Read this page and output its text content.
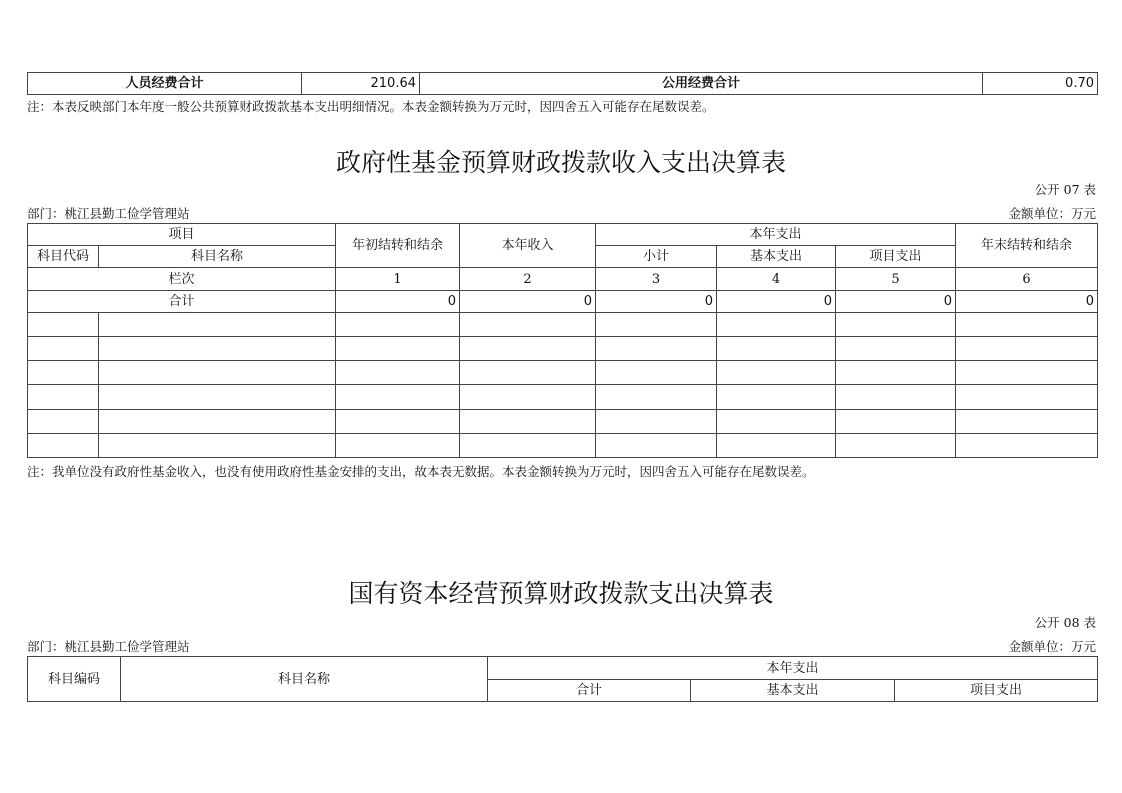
人员经费合计	210.64	公用经费合计	0.70
注：本表反映部门本年度一般公共预算财政拨款基本支出明细情况。本表金额转换为万元时，因四舍五入可能存在尾数误差。
政府性基金预算财政拨款收入支出决算表
公开 07 表
部门：桃江县勤工俭学管理站	金额单位：万元
项目		年初结转和结余	本年收入	本年支出			年末结转和结余
科目代码	科目名称			小计	基本支出	项目支出	
栏次		1	2	3	4	5	6
合计		0	0	0	0	0	0

注：我单位没有政府性基金收入，也没有使用政府性基金安排的支出，故本表无数据。本表金额转换为万元时，因四舍五入可能存在尾数误差。
国有资本经营预算财政拨款支出决算表
公开 08 表
部门：桃江县勤工俭学管理站	金额单位：万元
科目编码	科目名称	本年支出		
		合计	基本支出	项目支出
